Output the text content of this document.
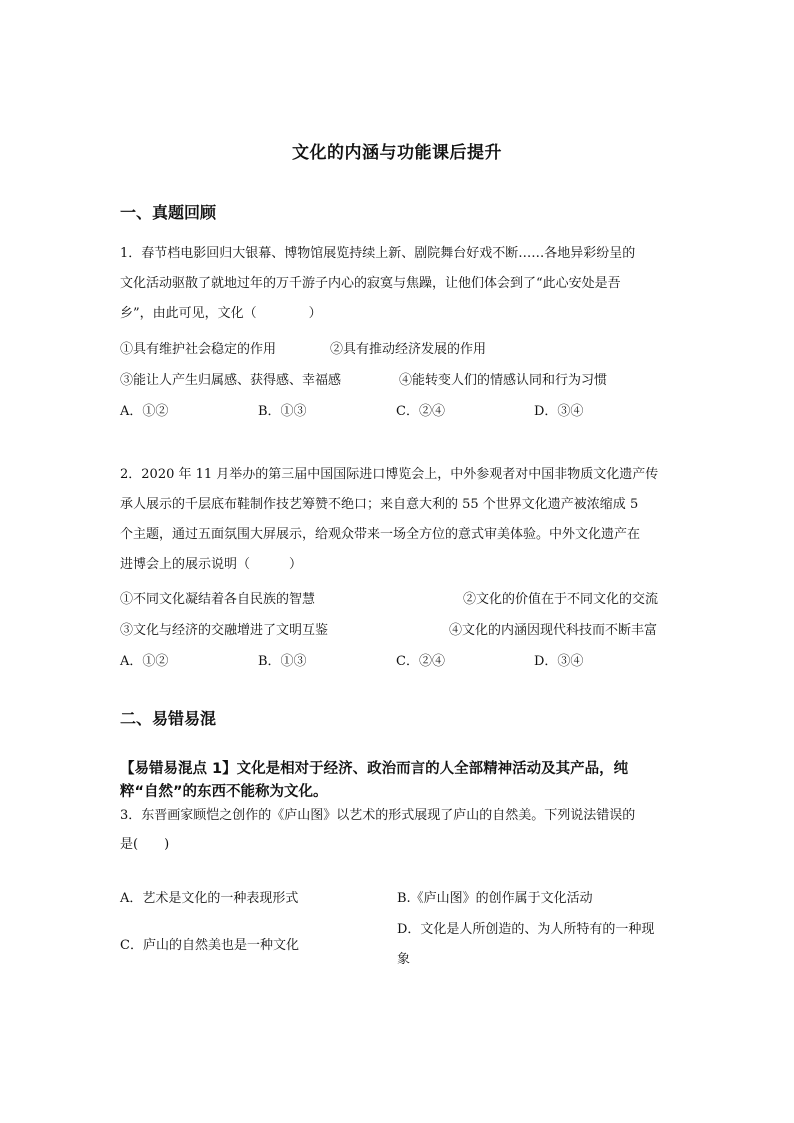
文化的内涵与功能课后提升
一、真题回顾
1．春节档电影回归大银幕、博物馆展览持续上新、剧院舞台好戏不断……各地异彩纷呈的
文化活动驱散了就地过年的万千游子内心的寂寞与焦躁，让他们体会到了“此心安处是吾
乡”，由此可见，文化（　　　　）
①具有维护社会稳定的作用	②具有推动经济发展的作用
③能让人产生归属感、获得感、幸福感	④能转变人们的情感认同和行为习惯
A．①②	B．①③	C．②④	D．③④
2．2020 年 11 月举办的第三届中国国际进口博览会上，中外参观者对中国非物质文化遗产传
承人展示的千层底布鞋制作技艺筹赞不绝口；来自意大利的 55 个世界文化遗产被浓缩成 5
个主题，通过五面氛围大屏展示，给观众带来一场全方位的意式审美体验。中外文化遗产在
进博会上的展示说明（　　　）
①不同文化凝结着各自民族的智慧	②文化的价值在于不同文化的交流
③文化与经济的交融增进了文明互鉴	④文化的内涵因现代科技而不断丰富
A．①②	B．①③	C．②④	D．③④
二、易错易混
【易错易混点 1】文化是相对于经济、政治而言的人全部精神活动及其产品，纯
粹“自然”的东西不能称为文化。
3．东晋画家顾恺之创作的《庐山图》以艺术的形式展现了庐山的自然美。下列说法错误的
是(　　)
A．艺术是文化的一种表现形式	B.《庐山图》的创作属于文化活动
C．庐山的自然美也是一种文化
D．文化是人所创造的、为人所特有的一种现
象
